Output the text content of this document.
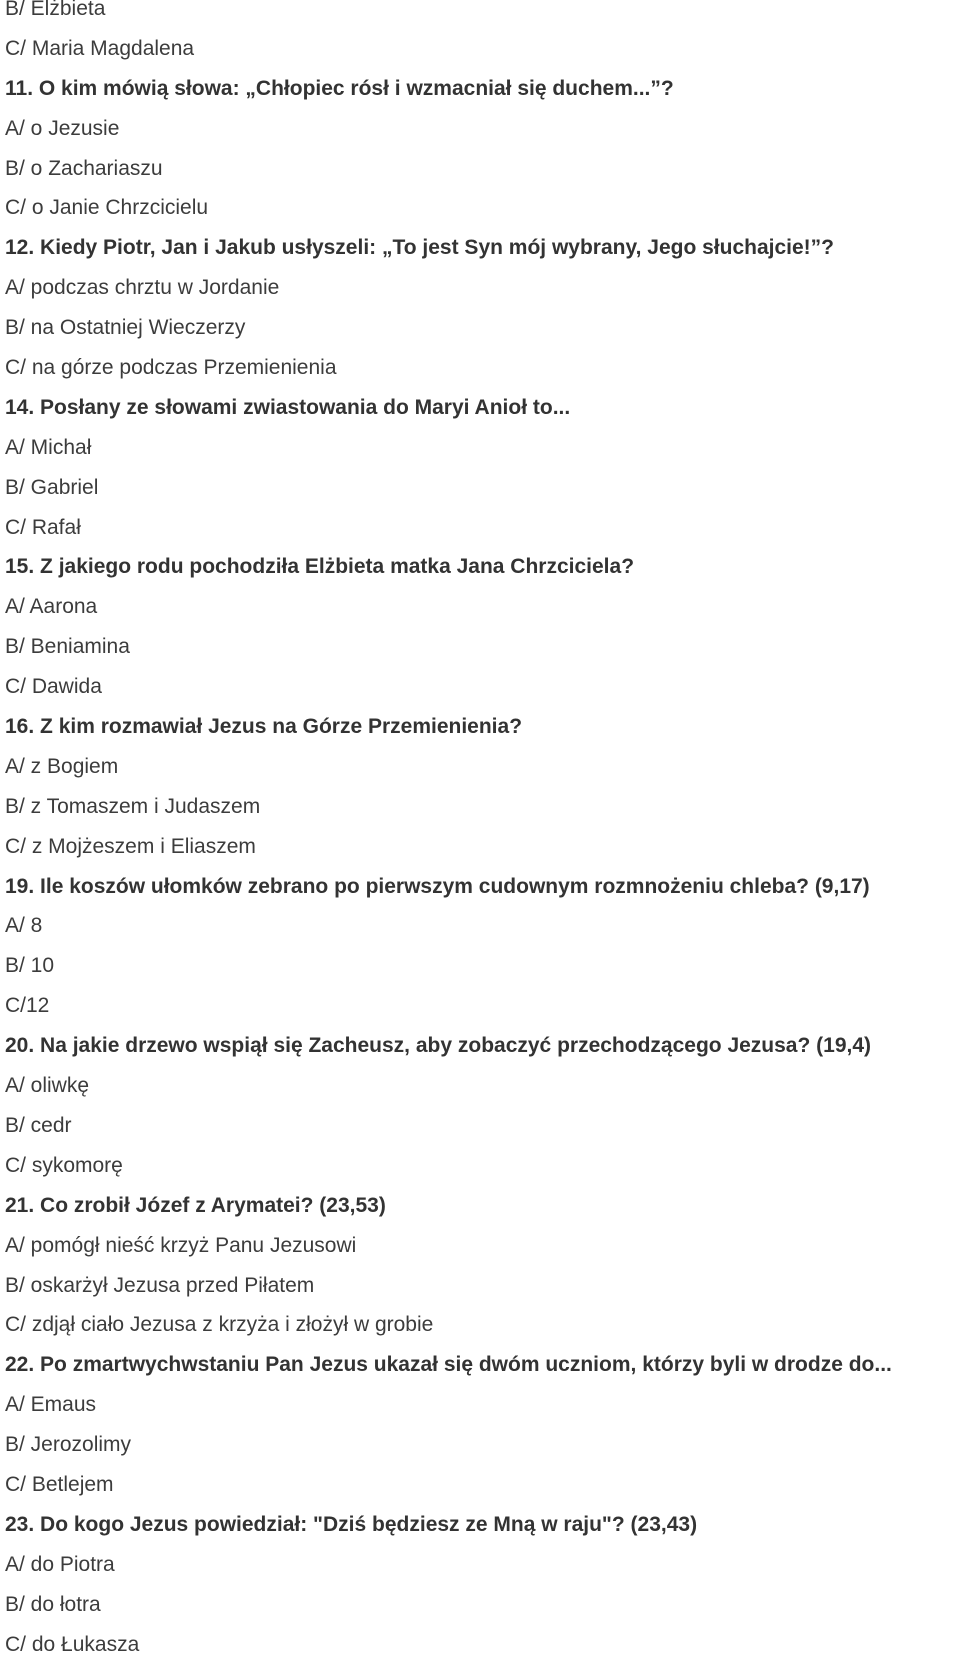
B/ Elżbieta
C/ Maria Magdalena
11. O kim mówią słowa: „Chłopiec rósł i wzmacniał się duchem...”?
A/ o Jezusie
B/ o Zachariaszu
C/ o Janie Chrzcicielu
12. Kiedy Piotr, Jan i Jakub usłyszeli: „To jest Syn mój wybrany, Jego słuchajcie!”?
A/ podczas chrztu w Jordanie
B/ na Ostatniej Wieczerzy
C/ na górze podczas Przemienienia
14. Posłany ze słowami zwiastowania do Maryi Anioł to...
A/ Michał
B/ Gabriel
C/ Rafał
15. Z jakiego rodu pochodziła Elżbieta matka Jana Chrzciciela?
A/ Aarona
B/ Beniamina
C/ Dawida
16. Z kim rozmawiał Jezus na Górze Przemienienia?
A/ z Bogiem
B/ z Tomaszem i Judaszem
C/ z Mojżeszem i Eliaszem
19. Ile koszów ułomków zebrano po pierwszym cudownym rozmnożeniu chleba? (9,17)
A/ 8
B/ 10
C/12
20. Na jakie drzewo wspiął się Zacheusz, aby zobaczyć przechodzącego Jezusa? (19,4)
A/ oliwkę
B/ cedr
C/ sykomorę
21. Co zrobił Józef z Arymatei? (23,53)
A/ pomógł nieść krzyż Panu Jezusowi
B/ oskarżył Jezusa przed Piłatem
C/ zdjął ciało Jezusa z krzyża i złożył w grobie
22. Po zmartwychwstaniu Pan Jezus ukazał się dwóm uczniom, którzy byli w drodze do...
A/ Emaus
B/ Jerozolimy
C/ Betlejem
23. Do kogo Jezus powiedział: "Dziś będziesz ze Mną w raju"? (23,43)
A/ do Piotra
B/ do łotra
C/ do Łukasza
